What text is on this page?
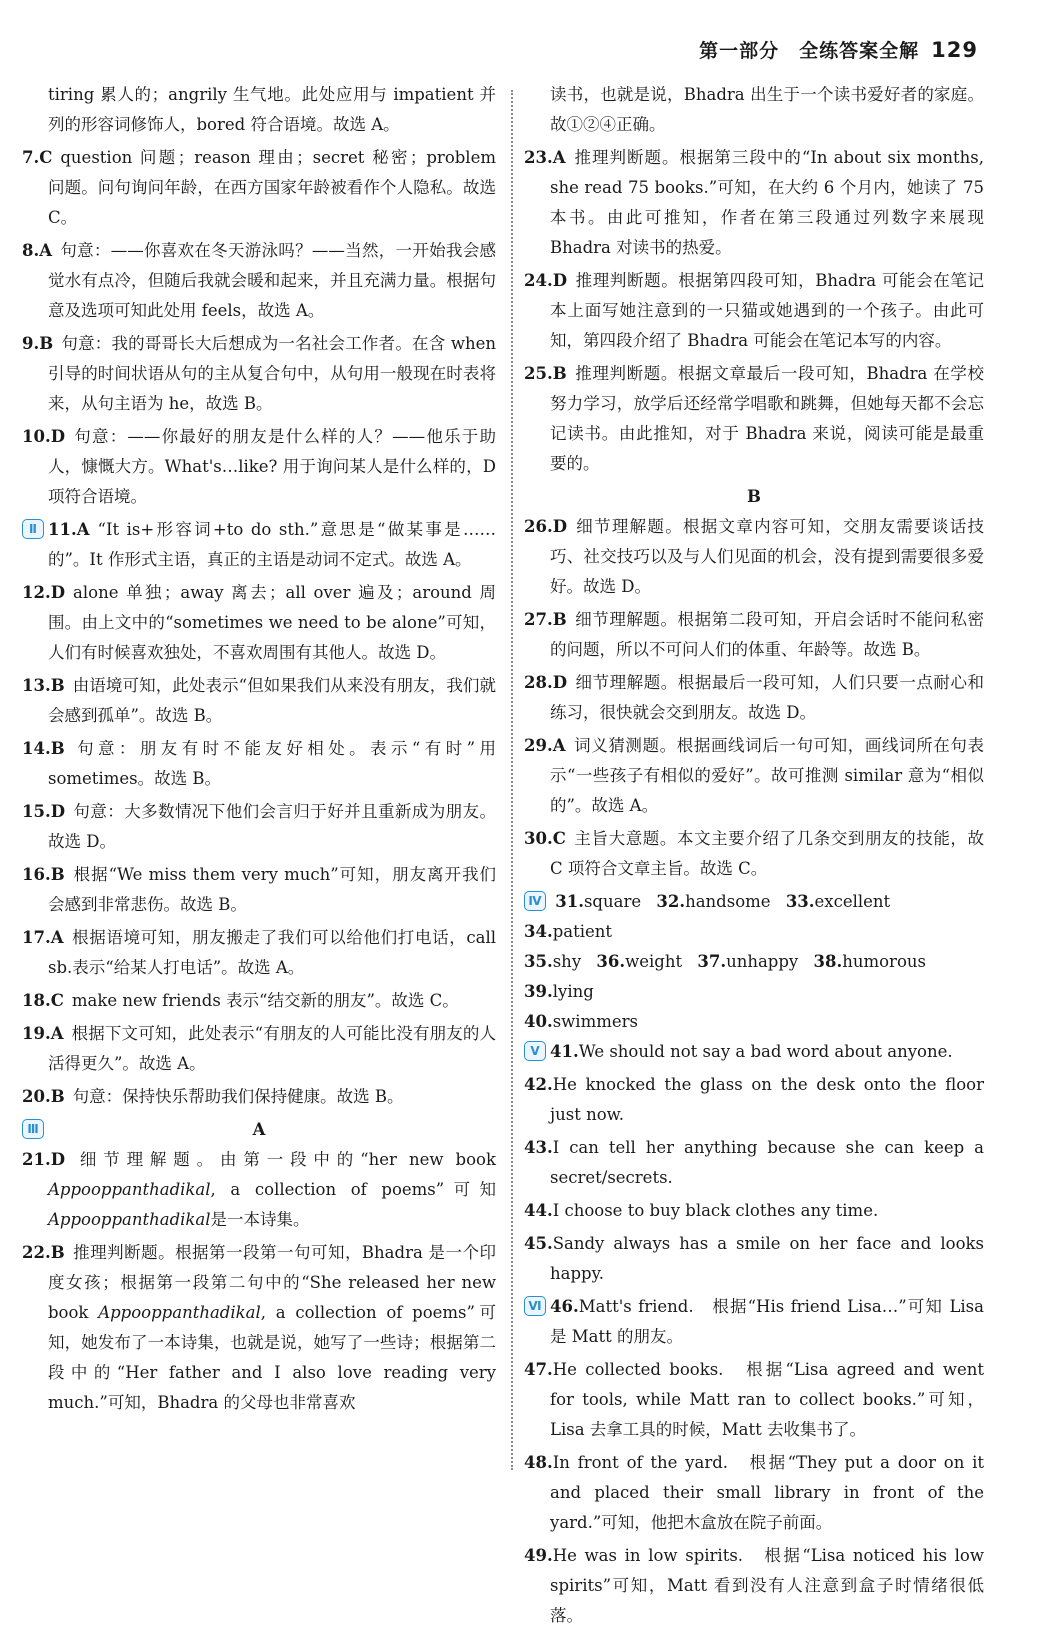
第一部分　全练答案全解 129
tiring 累人的；angrily 生气地。此处应用与 impatient 并列的形容词修饰人，bored 符合语境。故选 A。
7.C question 问题；reason 理由；secret 秘密；problem 问题。问句询问年龄，在西方国家年龄被看作个人隐私。故选 C。
8.A 句意：——你喜欢在冬天游泳吗？——当然，一开始我会感觉水有点冷，但随后我就会暖和起来，并且充满力量。根据句意及选项可知此处用 feels，故选 A。
9.B 句意：我的哥哥长大后想成为一名社会工作者。在含 when 引导的时间状语从句的主从复合句中，从句用一般现在时表将来，从句主语为 he，故选 B。
10.D 句意：——你最好的朋友是什么样的人？——他乐于助人，慷慨大方。What's…like? 用于询问某人是什么样的，D 项符合语境。
Ⅱ 11.A “It is+形容词+to do sth.”意思是“做某事是……的”。It 作形式主语，真正的主语是动词不定式。故选 A。
12.D alone 单独；away 离去；all over 遍及；around 周围。由上文中的“sometimes we need to be alone”可知，人们有时候喜欢独处，不喜欢周围有其他人。故选 D。
13.B 由语境可知，此处表示“但如果我们从来没有朋友，我们就会感到孤单”。故选 B。
14.B 句意：朋友有时不能友好相处。表示“有时”用 sometimes。故选 B。
15.D 句意：大多数情况下他们会言归于好并且重新成为朋友。故选 D。
16.B 根据“We miss them very much”可知，朋友离开我们会感到非常悲伤。故选 B。
17.A 根据语境可知，朋友搬走了我们可以给他们打电话，call sb.表示“给某人打电话”。故选 A。
18.C make new friends 表示“结交新的朋友”。故选 C。
19.A 根据下文可知，此处表示“有朋友的人可能比没有朋友的人活得更久”。故选 A。
20.B 句意：保持快乐帮助我们保持健康。故选 B。
Ⅲ	A
21.D 细节理解题。由第一段中的“her new book Appooppanthadikal, a collection of poems”可知 Appooppanthadikal是一本诗集。
22.B 推理判断题。根据第一段第一句可知，Bhadra 是一个印度女孩；根据第一段第二句中的“She released her new book Appooppanthadikal, a collection of poems”可知，她发布了一本诗集，也就是说，她写了一些诗；根据第二段中的“Her father and I also love reading very much.”可知，Bhadra 的父母也非常喜欢
读书，也就是说，Bhadra 出生于一个读书爱好者的家庭。故①②④正确。
23.A 推理判断题。根据第三段中的“In about six months, she read 75 books.”可知，在大约 6 个月内，她读了 75 本书。由此可推知，作者在第三段通过列数字来展现 Bhadra 对读书的热爱。
24.D 推理判断题。根据第四段可知，Bhadra 可能会在笔记本上面写她注意到的一只猫或她遇到的一个孩子。由此可知，第四段介绍了 Bhadra 可能会在笔记本写的内容。
25.B 推理判断题。根据文章最后一段可知，Bhadra 在学校努力学习，放学后还经常学唱歌和跳舞，但她每天都不会忘记读书。由此推知，对于 Bhadra 来说，阅读可能是最重要的。
B
26.D 细节理解题。根据文章内容可知，交朋友需要谈话技巧、社交技巧以及与人们见面的机会，没有提到需要很多爱好。故选 D。
27.B 细节理解题。根据第二段可知，开启会话时不能问私密的问题，所以不可问人们的体重、年龄等。故选 B。
28.D 细节理解题。根据最后一段可知，人们只要一点耐心和练习，很快就会交到朋友。故选 D。
29.A 词义猜测题。根据画线词后一句可知，画线词所在句表示“一些孩子有相似的爱好”。故可推测 similar 意为“相似的”。故选 A。
30.C 主旨大意题。本文主要介绍了几条交到朋友的技能，故 C 项符合文章主旨。故选 C。
Ⅳ 31.square 32.handsome 33.excellent 34.patient
35.shy 36.weight 37.unhappy 38.humorous 39.lying
40.swimmers
Ⅴ 41.We should not say a bad word about anyone.
42.He knocked the glass on the desk onto the floor just now.
43.I can tell her anything because she can keep a secret/secrets.
44.I choose to buy black clothes any time.
45.Sandy always has a smile on her face and looks happy.
Ⅵ 46.Matt's friend.　根据“His friend Lisa…”可知 Lisa 是 Matt 的朋友。
47.He collected books.　根据“Lisa agreed and went for tools, while Matt ran to collect books.”可知，Lisa 去拿工具的时候，Matt 去收集书了。
48.In front of the yard.　根据“They put a door on it and placed their small library in front of the yard.”可知，他把木盒放在院子前面。
49.He was in low spirits.　根据“Lisa noticed his low spirits”可知，Matt 看到没有人注意到盒子时情绪很低落。
